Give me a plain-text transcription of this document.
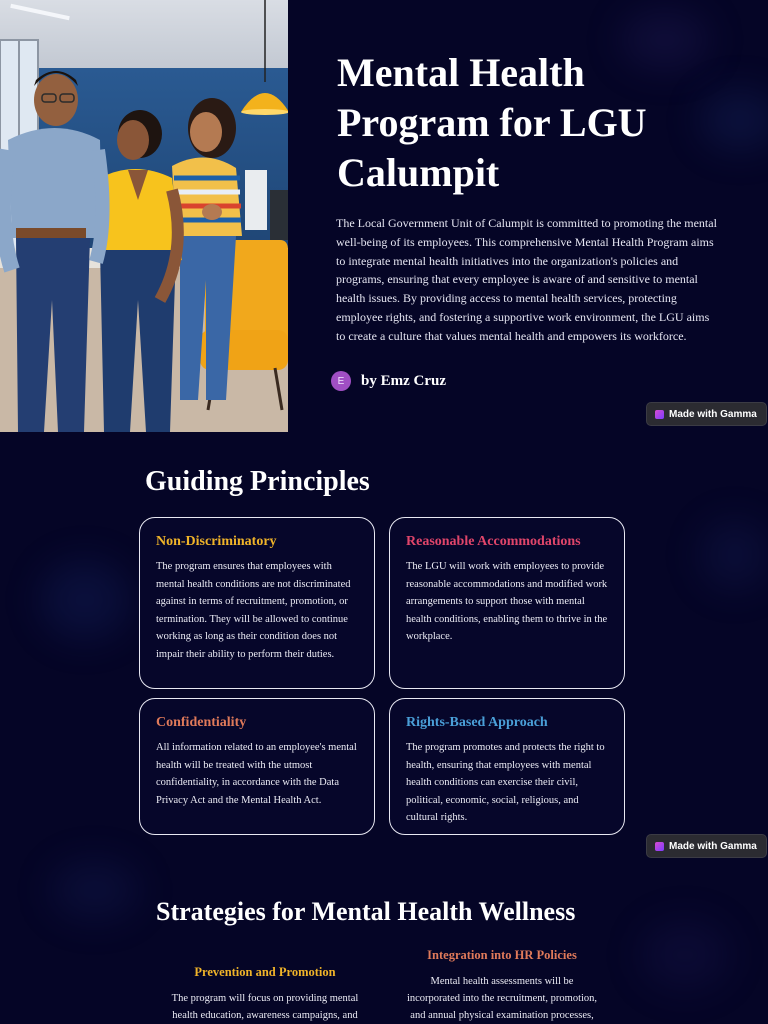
Mental Health Program for LGU Calumpit

The Local Government Unit of Calumpit is committed to promoting the mental well-being of its employees. This comprehensive Mental Health Program aims to integrate mental health initiatives into the organization's policies and programs, ensuring that every employee is aware of and sensitive to mental health issues. By providing access to mental health services, protecting employee rights, and fostering a supportive work environment, the LGU aims to create a culture that values mental health and empowers its workforce.

E	by Emz Cruz
Made with Gamma
Guiding Principles
Non-Discriminatory

The program ensures that employees with mental health conditions are not discriminated against in terms of recruitment, promotion, or termination. They will be allowed to continue working as long as their condition does not impair their ability to perform their duties.

Reasonable Accommodations

The LGU will work with employees to provide reasonable accommodations and modified work arrangements to support those with mental health conditions, enabling them to thrive in the workplace.

Confidentiality

All information related to an employee's mental health will be treated with the utmost confidentiality, in accordance with the Data Privacy Act and the Mental Health Act.

Rights-Based Approach

The program promotes and protects the right to health, ensuring that employees with mental health conditions can exercise their civil, political, economic, social, religious, and cultural rights.

Made with Gamma
Strategies for Mental Health Wellness
Prevention and Promotion

The program will focus on providing mental health education, awareness campaigns, and

Integration into HR Policies

Mental health assessments will be incorporated into the recruitment, promotion, and annual physical examination processes,
